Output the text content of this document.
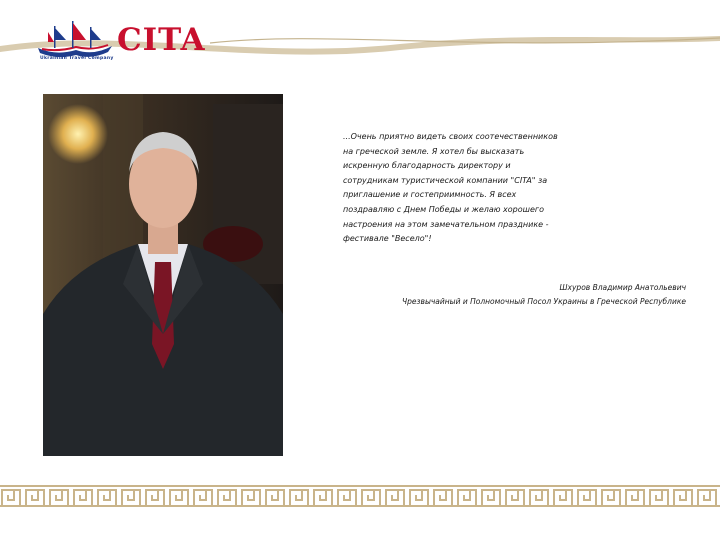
CITA
Ukrainian Travel Company
...Очень приятно видеть своих соотечественников на греческой земле. Я хотел бы высказать искренную благодарность директору и сотрудникам туристической компании "CITA" за приглашение и гостеприимность. Я всех поздравляю с Днем Победы и желаю хорошего настроения на этом замечательном празднике - фестивале "Весело"!
Шхуров Владимир Анатольевич
Чрезвычайный и Полномочный Посол Украины в Греческой Республике
